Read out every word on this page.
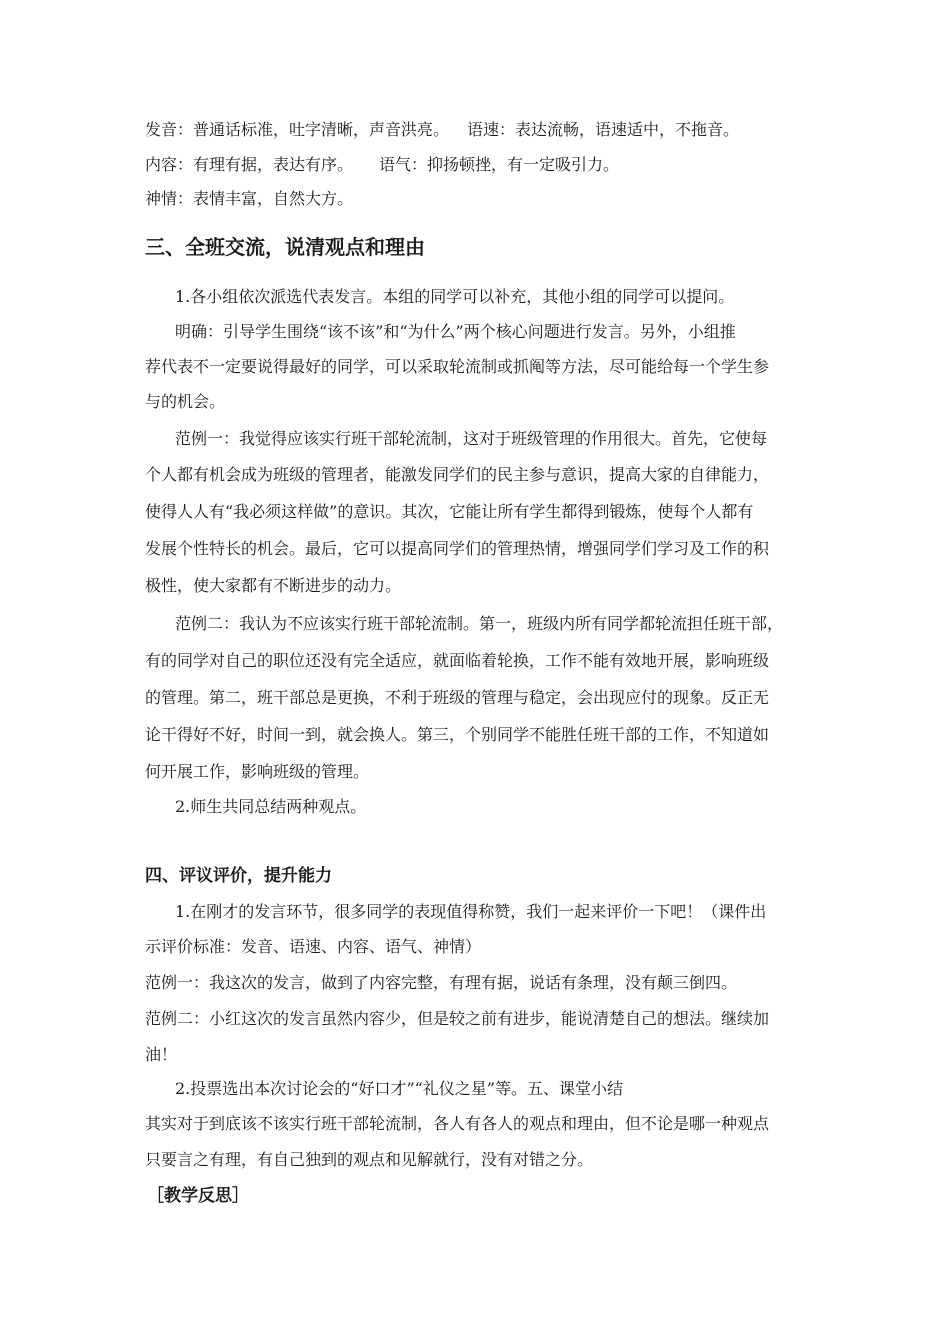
发音：普通话标准，吐字清晰，声音洪亮。 语速：表达流畅，语速适中，不拖音。
内容：有理有据，表达有序。 语气：抑扬顿挫，有一定吸引力。
神情：表情丰富，自然大方。
三、全班交流，说清观点和理由
1.各小组依次派选代表发言。本组的同学可以补充，其他小组的同学可以提问。
明确：引导学生围绕“该不该”和“为什么”两个核心问题进行发言。另外，小组推
荐代表不一定要说得最好的同学，可以采取轮流制或抓阄等方法，尽可能给每一个学生参
与的机会。
范例一：我觉得应该实行班干部轮流制，这对于班级管理的作用很大。首先，它使每
个人都有机会成为班级的管理者，能激发同学们的民主参与意识，提高大家的自律能力，
使得人人有“我必须这样做”的意识。其次，它能让所有学生都得到锻炼，使每个人都有
发展个性特长的机会。最后，它可以提高同学们的管理热情，增强同学们学习及工作的积
极性，使大家都有不断进步的动力。
范例二：我认为不应该实行班干部轮流制。第一，班级内所有同学都轮流担任班干部，
有的同学对自己的职位还没有完全适应，就面临着轮换，工作不能有效地开展，影响班级
的管理。第二，班干部总是更换，不利于班级的管理与稳定，会出现应付的现象。反正无
论干得好不好，时间一到，就会换人。第三，个别同学不能胜任班干部的工作，不知道如
何开展工作，影响班级的管理。
2.师生共同总结两种观点。
四、评议评价，提升能力
1.在刚才的发言环节，很多同学的表现值得称赞，我们一起来评价一下吧！（课件出
示评价标准：发音、语速、内容、语气、神情）
范例一：我这次的发言，做到了内容完整，有理有据，说话有条理，没有颠三倒四。
范例二：小红这次的发言虽然内容少，但是较之前有进步，能说清楚自己的想法。继续加
油！
2.投票选出本次讨论会的“好口才”“礼仪之星”等。五、课堂小结
其实对于到底该不该实行班干部轮流制，各人有各人的观点和理由，但不论是哪一种观点
只要言之有理，有自己独到的观点和见解就行，没有对错之分。
［教学反思］
